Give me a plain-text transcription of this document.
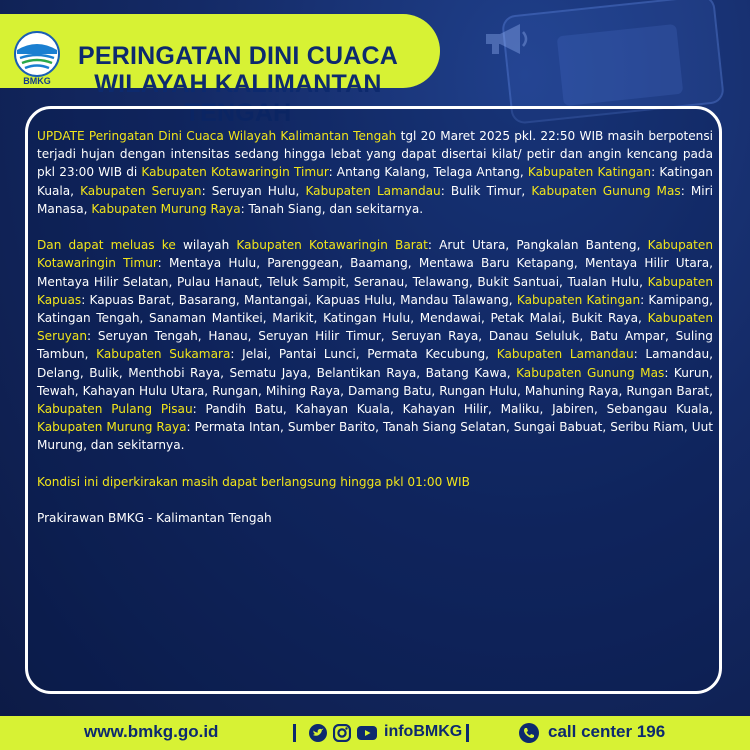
BMKG
PERINGATAN DINI CUACA
WILAYAH KALIMANTAN TENGAH

UPDATE Peringatan Dini Cuaca Wilayah Kalimantan Tengah tgl 20 Maret 2025 pkl. 22:50 WIB masih berpotensi terjadi hujan dengan intensitas sedang hingga lebat yang dapat disertai kilat/ petir dan angin kencang pada pkl 23:00 WIB di Kabupaten Kotawaringin Timur: Antang Kalang, Telaga Antang, Kabupaten Katingan: Katingan Kuala, Kabupaten Seruyan: Seruyan Hulu, Kabupaten Lamandau: Bulik Timur, Kabupaten Gunung Mas: Miri Manasa, Kabupaten Murung Raya: Tanah Siang, dan sekitarnya.

Dan dapat meluas ke wilayah Kabupaten Kotawaringin Barat: Arut Utara, Pangkalan Banteng, Kabupaten Kotawaringin Timur: Mentaya Hulu, Parenggean, Baamang, Mentawa Baru Ketapang, Mentaya Hilir Utara, Mentaya Hilir Selatan, Pulau Hanaut, Teluk Sampit, Seranau, Telawang, Bukit Santuai, Tualan Hulu, Kabupaten Kapuas: Kapuas Barat, Basarang, Mantangai, Kapuas Hulu, Mandau Talawang, Kabupaten Katingan: Kamipang, Katingan Tengah, Sanaman Mantikei, Marikit, Katingan Hulu, Mendawai, Petak Malai, Bukit Raya, Kabupaten Seruyan: Seruyan Tengah, Hanau, Seruyan Hilir Timur, Seruyan Raya, Danau Seluluk, Batu Ampar, Suling Tambun, Kabupaten Sukamara: Jelai, Pantai Lunci, Permata Kecubung, Kabupaten Lamandau: Lamandau, Delang, Bulik, Menthobi Raya, Sematu Jaya, Belantikan Raya, Batang Kawa, Kabupaten Gunung Mas: Kurun, Tewah, Kahayan Hulu Utara, Rungan, Mihing Raya, Damang Batu, Rungan Hulu, Mahuning Raya, Rungan Barat, Kabupaten Pulang Pisau: Pandih Batu, Kahayan Kuala, Kahayan Hilir, Maliku, Jabiren, Sebangau Kuala, Kabupaten Murung Raya: Permata Intan, Sumber Barito, Tanah Siang Selatan, Sungai Babuat, Seribu Riam, Uut Murung, dan sekitarnya.

Kondisi ini diperkirakan masih dapat berlangsung hingga pkl 01:00 WIB

Prakirawan BMKG - Kalimantan Tengah

www.bmkg.go.id	infoBMKG	call center 196
